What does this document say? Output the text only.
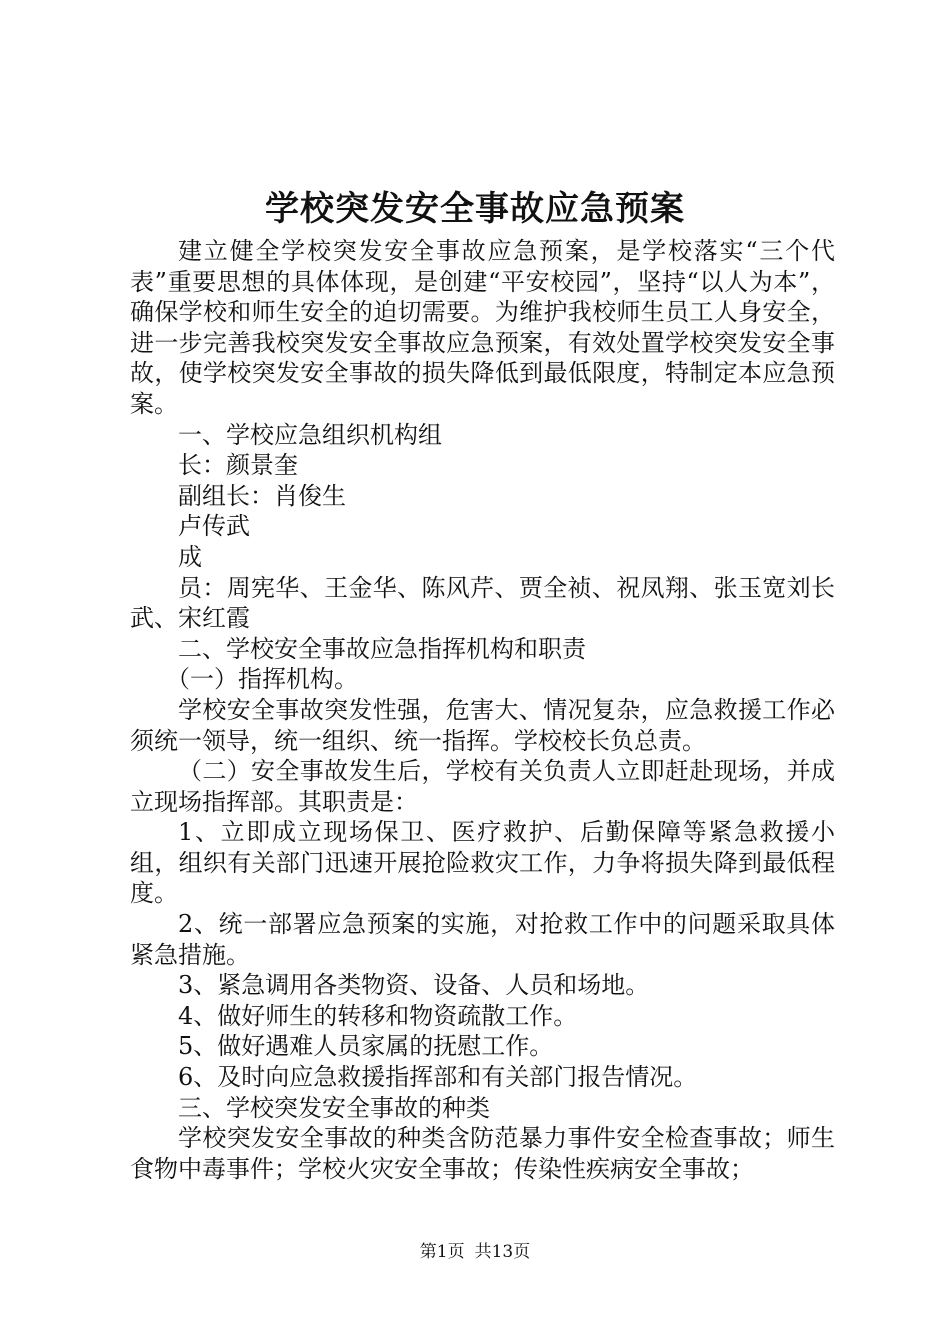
学校突发安全事故应急预案

建立健全学校突发安全事故应急预案，是学校落实“三个代表”重要思想的具体体现，是创建“平安校园”，坚持“以人为本”，确保学校和师生安全的迫切需要。为维护我校师生员工人身安全，进一步完善我校突发安全事故应急预案，有效处置学校突发安全事故，使学校突发安全事故的损失降低到最低限度，特制定本应急预案。

一、学校应急组织机构组

长：颜景奎

副组长：肖俊生

卢传武

成

员：周宪华、王金华、陈风芹、贾全祯、祝凤翔、张玉宽刘长武、宋红霞

二、学校安全事故应急指挥机构和职责

（一）指挥机构。

学校安全事故突发性强，危害大、情况复杂，应急救援工作必须统一领导，统一组织、统一指挥。学校校长负总责。

（二）安全事故发生后，学校有关负责人立即赶赴现场，并成立现场指挥部。其职责是：

1、立即成立现场保卫、医疗救护、后勤保障等紧急救援小组，组织有关部门迅速开展抢险救灾工作，力争将损失降到最低程度。

2、统一部署应急预案的实施，对抢救工作中的问题采取具体紧急措施。

3、紧急调用各类物资、设备、人员和场地。

4、做好师生的转移和物资疏散工作。

5、做好遇难人员家属的抚慰工作。

6、及时向应急救援指挥部和有关部门报告情况。

三、学校突发安全事故的种类

学校突发安全事故的种类含防范暴力事件安全检查事故；师生食物中毒事件；学校火灾安全事故；传染性疾病安全事故；

第1页 共13页
